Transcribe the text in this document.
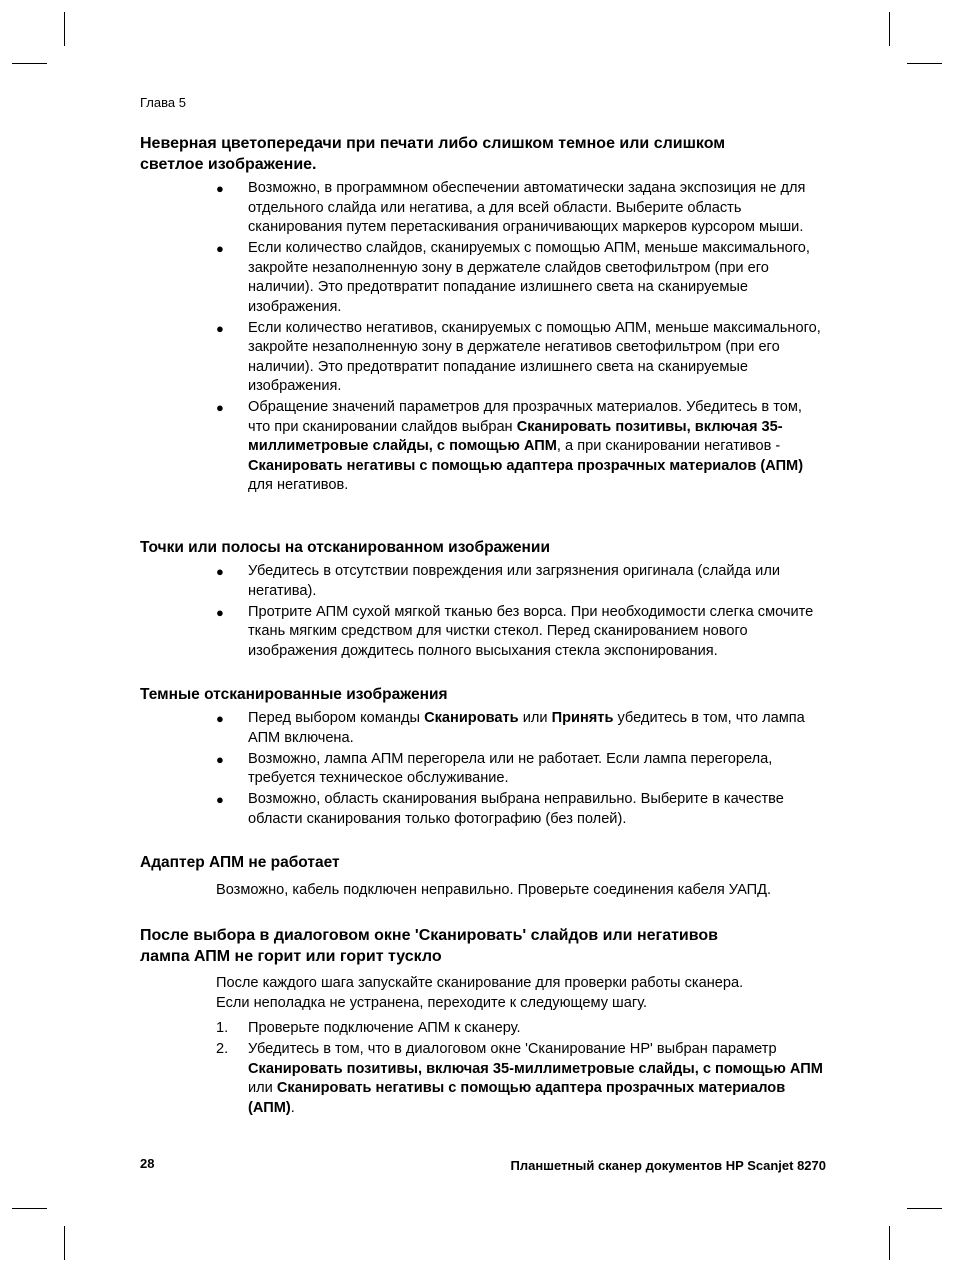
Глава 5
Неверная цветопередачи при печати либо слишком темное или слишком
светлое изображение.
● Возможно, в программном обеспечении автоматически задана экспозиция не для отдельного слайда или негатива, а для всей области. Выберите область сканирования путем перетаскивания ограничивающих маркеров курсором мыши.
● Если количество слайдов, сканируемых с помощью АПМ, меньше максимального, закройте незаполненную зону в держателе слайдов светофильтром (при его наличии). Это предотвратит попадание излишнего света на сканируемые изображения.
● Если количество негативов, сканируемых с помощью АПМ, меньше максимального, закройте незаполненную зону в держателе негативов светофильтром (при его наличии). Это предотвратит попадание излишнего света на сканируемые изображения.
● Обращение значений параметров для прозрачных материалов. Убедитесь в том, что при сканировании слайдов выбран Сканировать позитивы, включая 35-миллиметровые слайды, с помощью АПМ, а при сканировании негативов - Сканировать негативы с помощью адаптера прозрачных материалов (АПМ) для негативов.
Точки или полосы на отсканированном изображении
● Убедитесь в отсутствии повреждения или загрязнения оригинала (слайда или негатива).
● Протрите АПМ сухой мягкой тканью без ворса. При необходимости слегка смочите ткань мягким средством для чистки стекол. Перед сканированием нового изображения дождитесь полного высыхания стекла экспонирования.
Темные отсканированные изображения
● Перед выбором команды Сканировать или Принять убедитесь в том, что лампа АПМ включена.
● Возможно, лампа АПМ перегорела или не работает. Если лампа перегорела, требуется техническое обслуживание.
● Возможно, область сканирования выбрана неправильно. Выберите в качестве области сканирования только фотографию (без полей).
Адаптер АПМ не работает
Возможно, кабель подключен неправильно. Проверьте соединения кабеля УАПД.
После выбора в диалоговом окне 'Сканировать' слайдов или негативов
лампа АПМ не горит или горит тускло
После каждого шага запускайте сканирование для проверки работы сканера.
Если неполадка не устранена, переходите к следующему шагу.
1. Проверьте подключение АПМ к сканеру.
2. Убедитесь в том, что в диалоговом окне 'Сканирование HP' выбран параметр Сканировать позитивы, включая 35-миллиметровые слайды, с помощью АПМ или Сканировать негативы с помощью адаптера прозрачных материалов (АПМ).
28	Планшетный сканер документов HP Scanjet 8270
